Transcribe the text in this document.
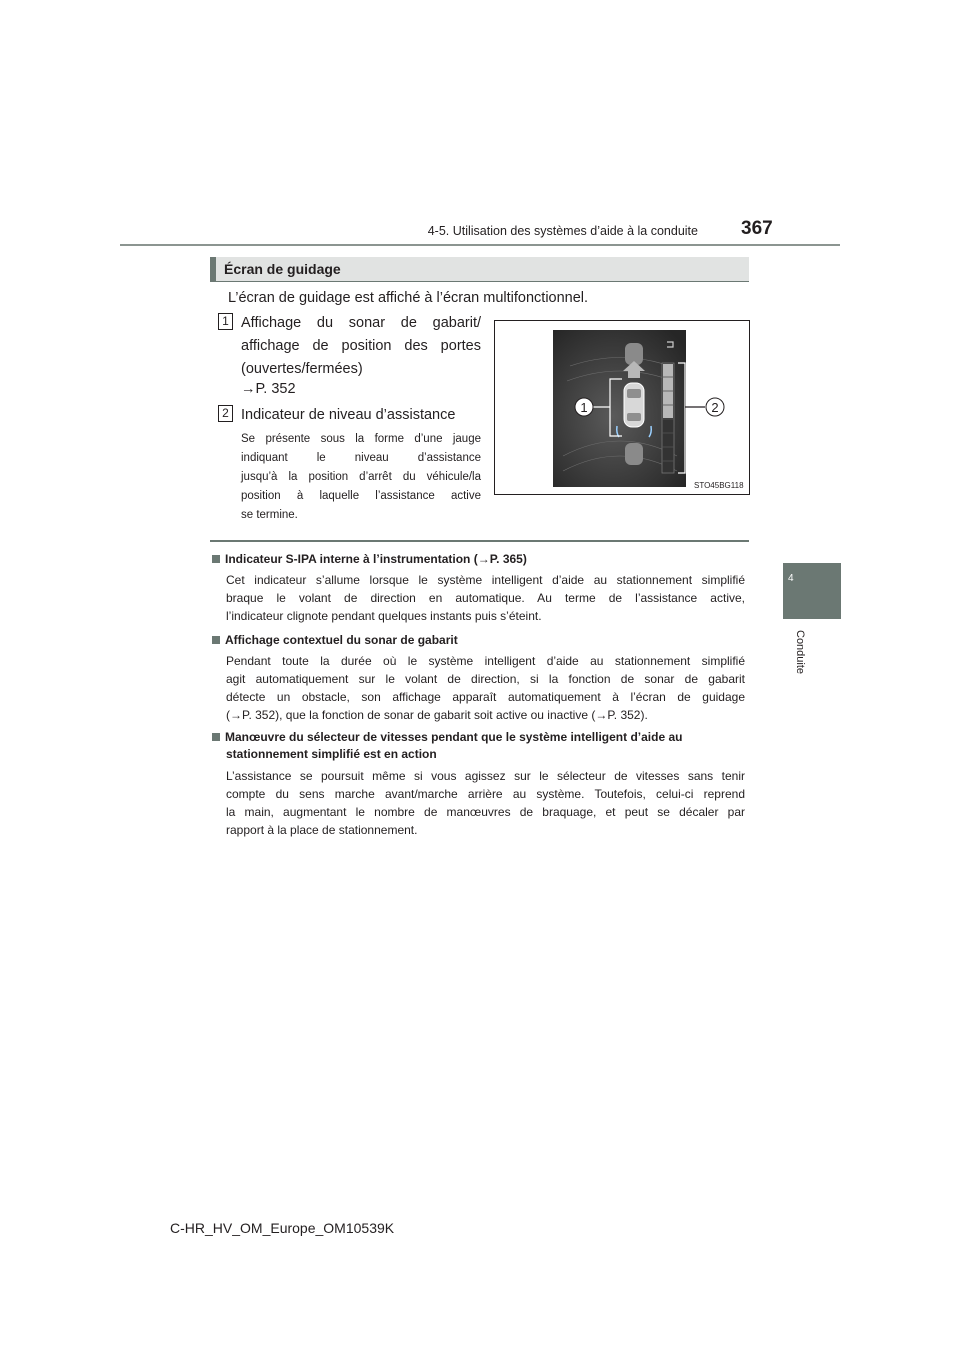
4-5. Utilisation des systèmes d’aide à la conduite 367
4
Conduite
Écran de guidage
L’écran de guidage est affiché à l’écran multifonctionnel.
1 Affichage du sonar de gabarit/
affichage de position des portes
(ouvertes/fermées)
→P. 352
2 Indicateur de niveau d’assistance
Se présente sous la forme d’une jauge
indiquant le niveau d’assistance
jusqu’à la position d’arrêt du véhicule/la
position à laquelle l’assistance active
se termine.
1	2
STO45BG118
Indicateur S-IPA interne à l’instrumentation (→P. 365)
Cet indicateur s’allume lorsque le système intelligent d’aide au stationnement simplifié
braque le volant de direction en automatique. Au terme de l’assistance active,
l’indicateur clignote pendant quelques instants puis s’éteint.
Affichage contextuel du sonar de gabarit
Pendant toute la durée où le système intelligent d’aide au stationnement simplifié
agit automatiquement sur le volant de direction, si la fonction de sonar de gabarit
détecte un obstacle, son affichage apparaît automatiquement à l’écran de guidage
(→P. 352), que la fonction de sonar de gabarit soit active ou inactive (→P. 352).
Manœuvre du sélecteur de vitesses pendant que le système intelligent d’aide au
stationnement simplifié est en action
L’assistance se poursuit même si vous agissez sur le sélecteur de vitesses sans tenir
compte du sens marche avant/marche arrière au système. Toutefois, celui-ci reprend
la main, augmentant le nombre de manœuvres de braquage, et peut se décaler par
rapport à la place de stationnement.
C-HR_HV_OM_Europe_OM10539K
